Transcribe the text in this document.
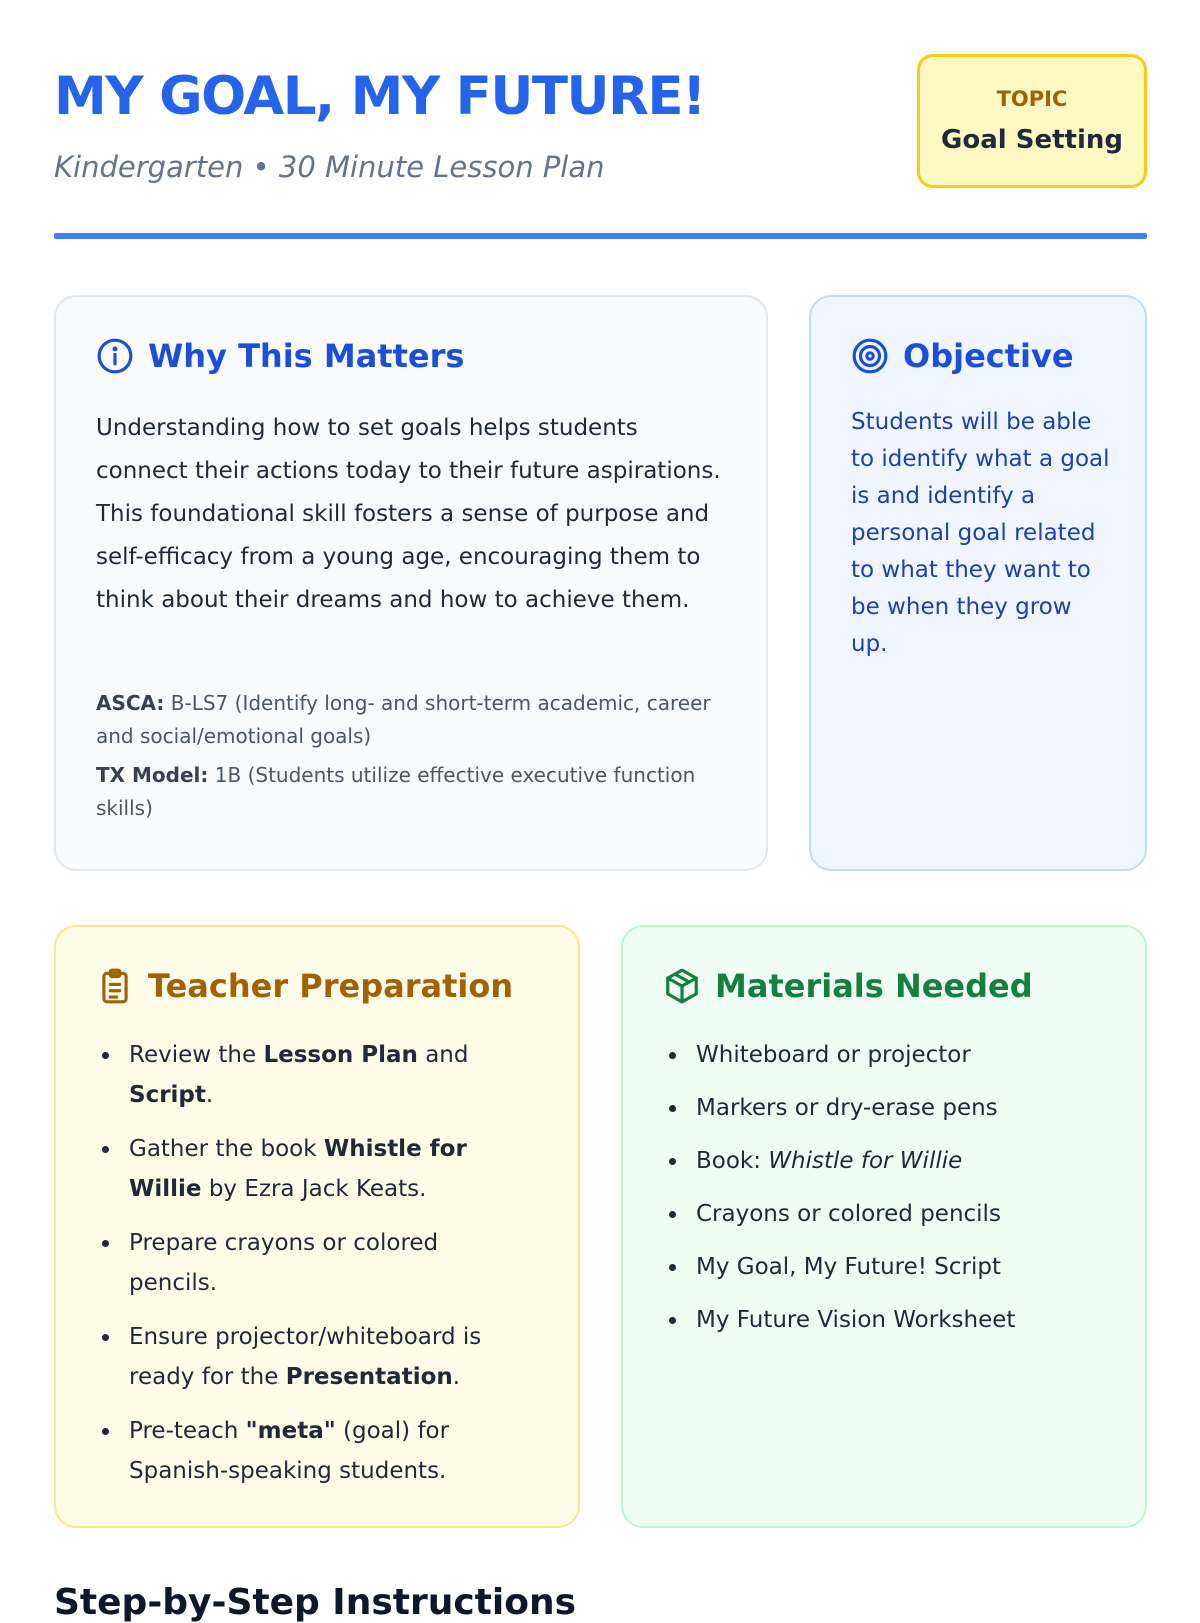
MY GOAL, MY FUTURE!

Kindergarten • 30 Minute Lesson Plan

TOPIC
Goal Setting
Why This Matters

Understanding how to set goals helps students connect their actions today to their future aspirations. This foundational skill fosters a sense of purpose and self-efficacy from a young age, encouraging them to think about their dreams and how to achieve them.

ASCA: B-LS7 (Identify long- and short-term academic, career and social/emotional goals)

TX Model: 1B (Students utilize effective executive function skills)

Objective

Students will be able to identify what a goal is and identify a personal goal related to what they want to be when they grow up.

Teacher Preparation
Review the Lesson Plan and Script.
Gather the book Whistle for Willie by Ezra Jack Keats.
Prepare crayons or colored pencils.
Ensure projector/whiteboard is ready for the Presentation.
Pre-teach "meta" (goal) for Spanish-speaking students.
Materials Needed
Whiteboard or projector
Markers or dry-erase pens
Book: Whistle for Willie
Crayons or colored pencils
My Goal, My Future! Script
My Future Vision Worksheet
Step-by-Step Instructions
